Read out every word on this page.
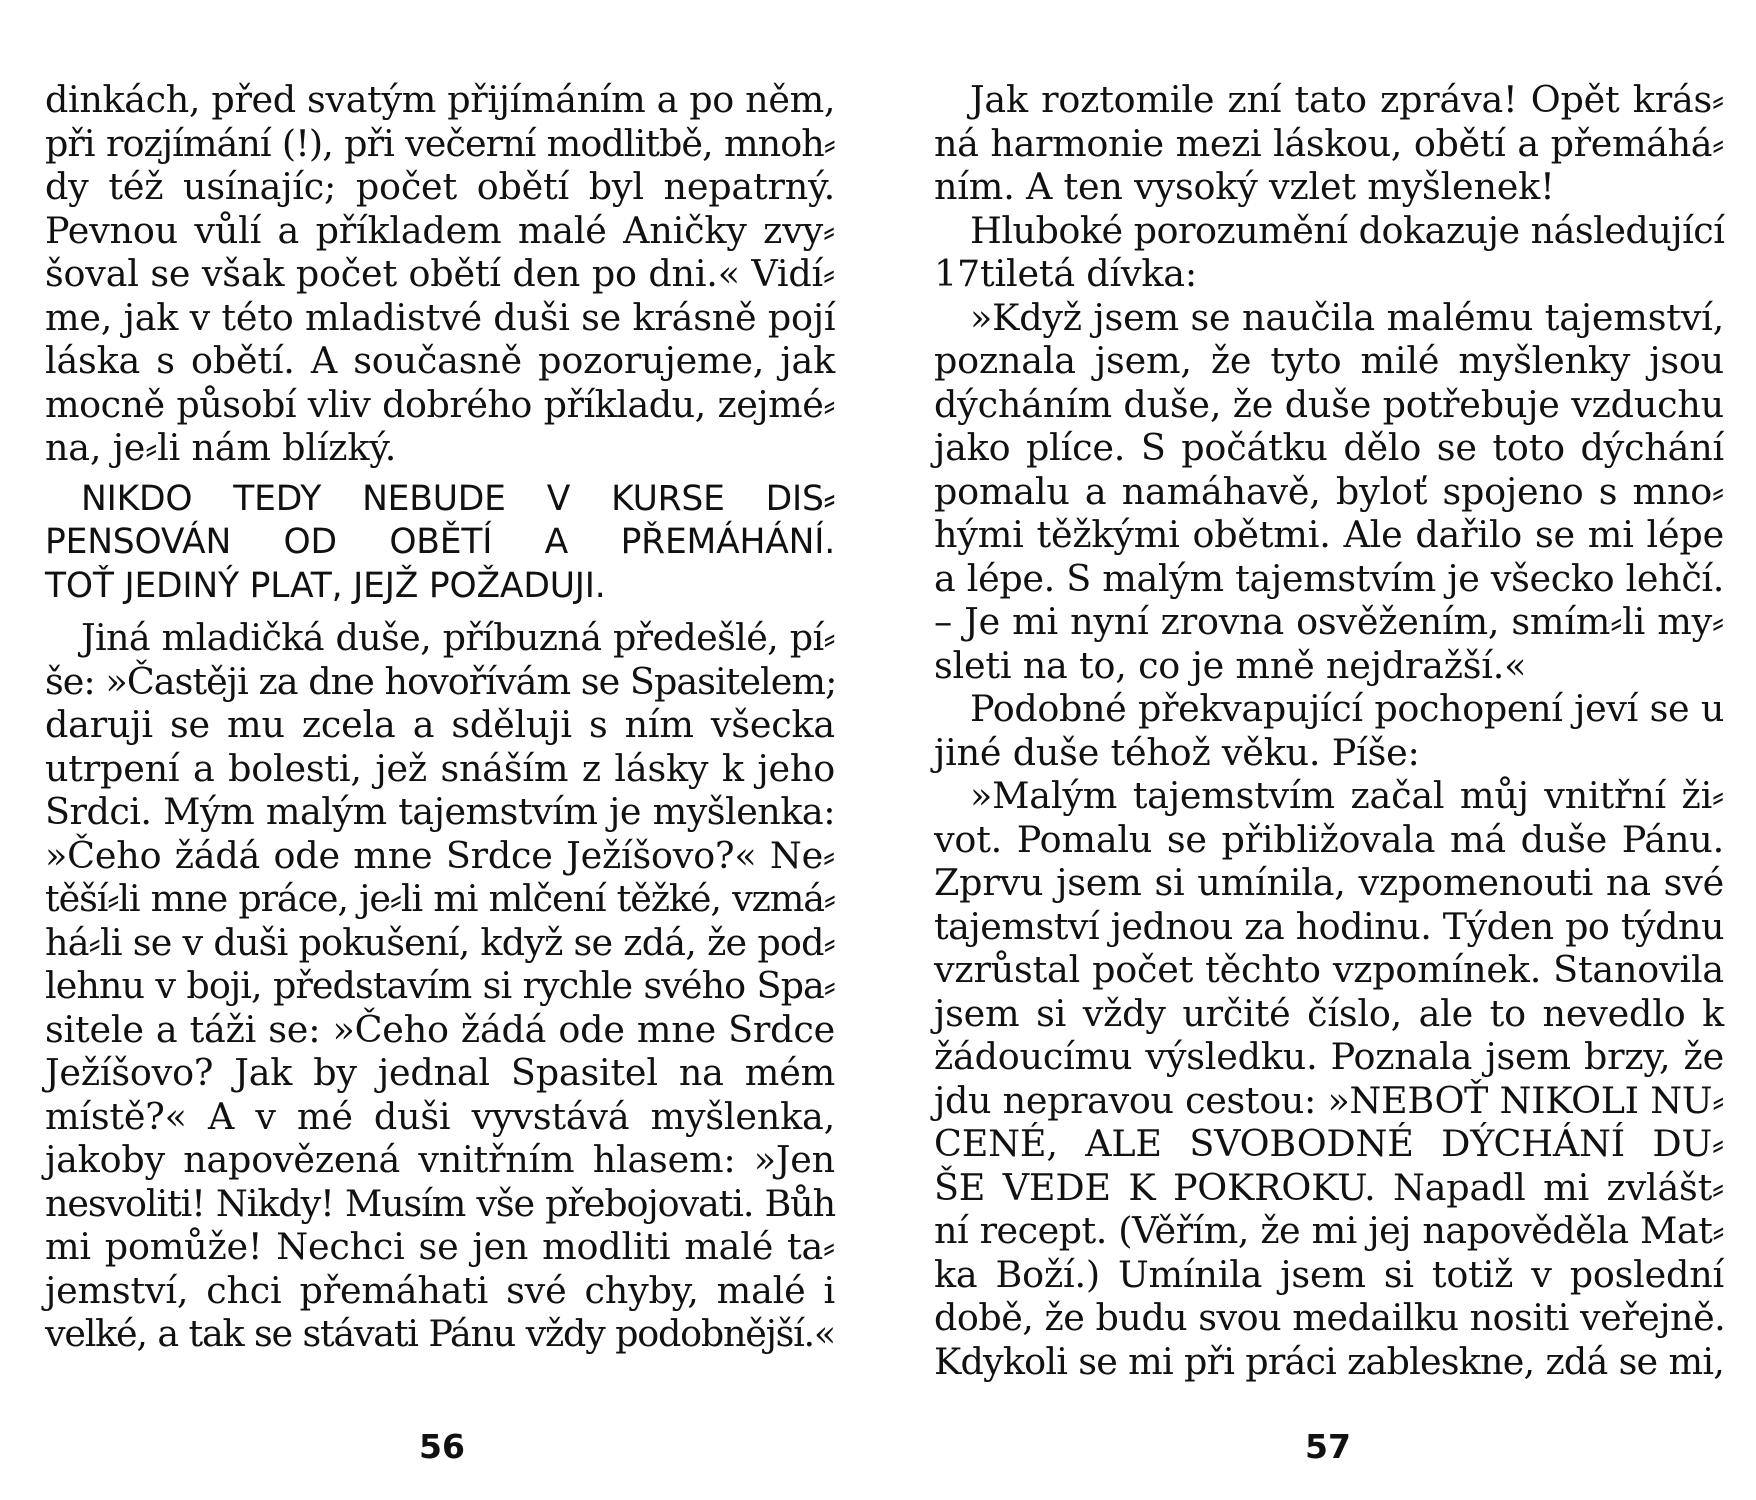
dinkách, před svatým přijímáním a po něm,
při rozjímání (!), při večerní modlitbě, mnoh⸗
dy též usínajíc; počet obětí byl nepatrný.
Pevnou vůlí a příkladem malé Aničky zvy⸗
šoval se však počet obětí den po dni.« Vidí⸗
me, jak v této mladistvé duši se krásně pojí
láska s obětí. A současně pozorujeme, jak
mocně působí vliv dobrého příkladu, zejmé⸗
na, je⸗li nám blízký.
NIKDO TEDY NEBUDE V KURSE DIS⸗
PENSOVÁN OD OBĚTÍ A PŘEMÁHÁNÍ.
TOŤ JEDINÝ PLAT, JEJŽ POŽADUJI.
Jiná mladičká duše, příbuzná předešlé, pí⸗
še: »Častěji za dne hovořívám se Spasitelem;
daruji se mu zcela a sděluji s ním všecka
utrpení a bolesti, jež snáším z lásky k jeho
Srdci. Mým malým tajemstvím je myšlenka:
»Čeho žádá ode mne Srdce Ježíšovo?« Ne⸗
těší⸗li mne práce, je⸗li mi mlčení těžké, vzmá⸗
há⸗li se v duši pokušení, když se zdá, že pod⸗
lehnu v boji, představím si rychle svého Spa⸗
sitele a táži se: »Čeho žádá ode mne Srdce
Ježíšovo? Jak by jednal Spasitel na mém
místě?« A v mé duši vyvstává myšlenka,
jakoby napovězená vnitřním hlasem: »Jen
nesvoliti! Nikdy! Musím vše přebojovati. Bůh
mi pomůže! Nechci se jen modliti malé ta⸗
jemství, chci přemáhati své chyby, malé i
velké, a tak se stávati Pánu vždy podobnější.«
Jak roztomile zní tato zpráva! Opět krás⸗
ná harmonie mezi láskou, obětí a přemáhá⸗
ním. A ten vysoký vzlet myšlenek!
Hluboké porozumění dokazuje následující
17tiletá dívka:
»Když jsem se naučila malému tajemství,
poznala jsem, že tyto milé myšlenky jsou
dýcháním duše, že duše potřebuje vzduchu
jako plíce. S počátku dělo se toto dýchání
pomalu a namáhavě, byloť spojeno s mno⸗
hými těžkými obětmi. Ale dařilo se mi lépe
a lépe. S malým tajemstvím je všecko lehčí.
– Je mi nyní zrovna osvěžením, smím⸗li my⸗
sleti na to, co je mně nejdražší.«
Podobné překvapující pochopení jeví se u
jiné duše téhož věku. Píše:
»Malým tajemstvím začal můj vnitřní ži⸗
vot. Pomalu se přibližovala má duše Pánu.
Zprvu jsem si umínila, vzpomenouti na své
tajemství jednou za hodinu. Týden po týdnu
vzrůstal počet těchto vzpomínek. Stanovila
jsem si vždy určité číslo, ale to nevedlo k
žádoucímu výsledku. Poznala jsem brzy, že
jdu nepravou cestou: »NEBOŤ NIKOLI NU⸗
CENÉ, ALE SVOBODNÉ DÝCHÁNÍ DU⸗
ŠE VEDE K POKROKU. Napadl mi zvlášt⸗
ní recept. (Věřím, že mi jej napověděla Mat⸗
ka Boží.) Umínila jsem si totiž v poslední
době, že budu svou medailku nositi veřejně.
Kdykoli se mi při práci zableskne, zdá se mi,
56	57
